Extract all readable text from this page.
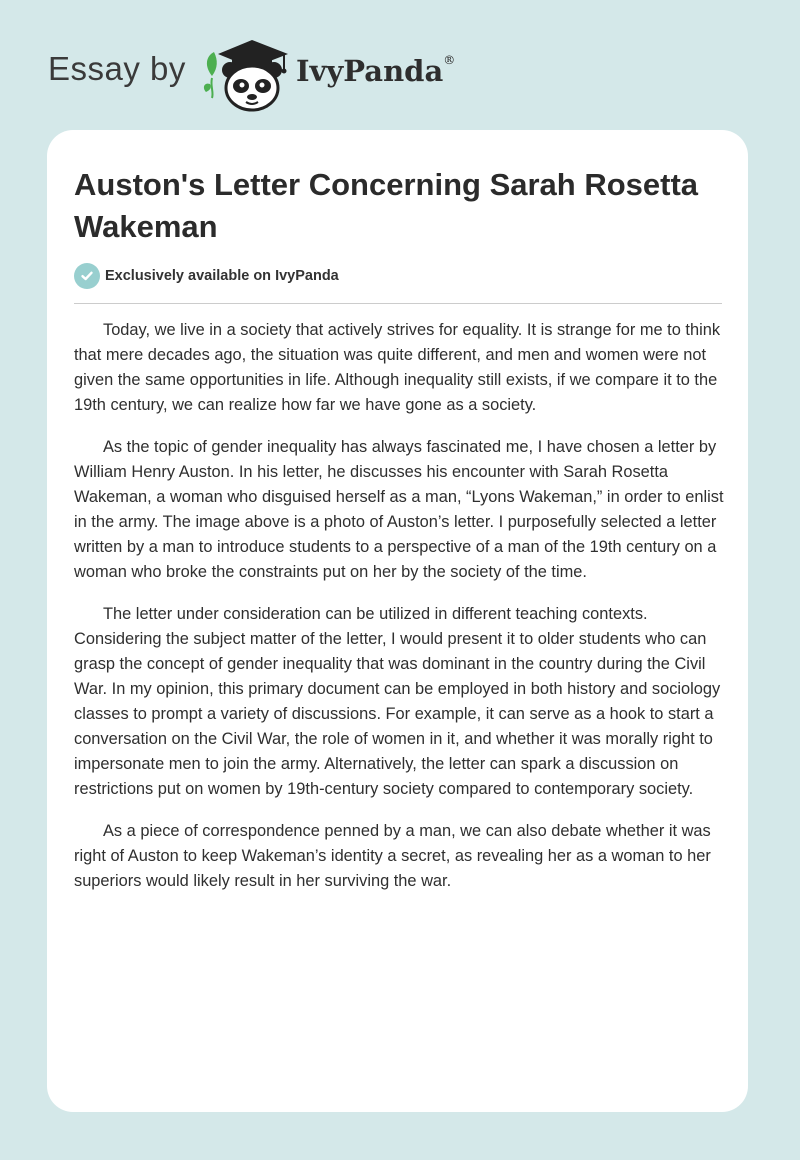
Essay by	IvyPanda®
Auston's Letter Concerning Sarah Rosetta Wakeman
Exclusively available on IvyPanda

Today, we live in a society that actively strives for equality. It is strange for me to think that mere decades ago, the situation was quite different, and men and women were not given the same opportunities in life. Although inequality still exists, if we compare it to the 19th century, we can realize how far we have gone as a society.

As the topic of gender inequality has always fascinated me, I have chosen a letter by William Henry Auston. In his letter, he discusses his encounter with Sarah Rosetta Wakeman, a woman who disguised herself as a man, “Lyons Wakeman,” in order to enlist in the army. The image above is a photo of Auston’s letter. I purposefully selected a letter written by a man to introduce students to a perspective of a man of the 19th century on a woman who broke the constraints put on her by the society of the time.

The letter under consideration can be utilized in different teaching contexts. Considering the subject matter of the letter, I would present it to older students who can grasp the concept of gender inequality that was dominant in the country during the Civil War. In my opinion, this primary document can be employed in both history and sociology classes to prompt a variety of discussions. For example, it can serve as a hook to start a conversation on the Civil War, the role of women in it, and whether it was morally right to impersonate men to join the army. Alternatively, the letter can spark a discussion on restrictions put on women by 19th-century society compared to contemporary society.

As a piece of correspondence penned by a man, we can also debate whether it was right of Auston to keep Wakeman’s identity a secret, as revealing her as a woman to her superiors would likely result in her surviving the war.
